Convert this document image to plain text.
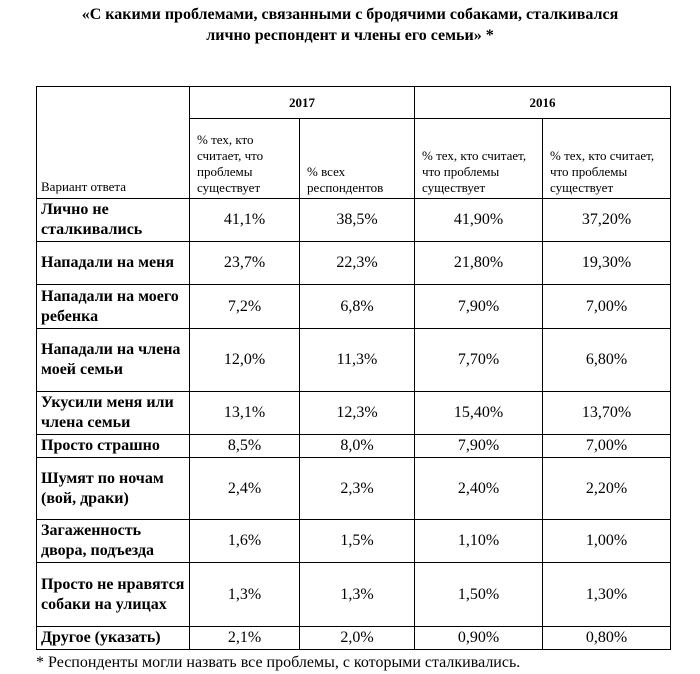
«С какими проблемами, связанными с бродячими собаками, сталкивался
лично респондент и члены его семьи» *
Вариант ответа	2017		2016	
	% тех, кто считает, что проблемы существует	% всех респондентов	% тех, кто считает, что проблемы существует	% тех, кто считает, что проблемы существует
Лично не сталкивались	41,1%	38,5%	41,90%	37,20%
Нападали на меня	23,7%	22,3%	21,80%	19,30%
Нападали на моего ребенка	7,2%	6,8%	7,90%	7,00%
Нападали на члена моей семьи	12,0%	11,3%	7,70%	6,80%
Укусили меня или члена семьи	13,1%	12,3%	15,40%	13,70%
Просто страшно	8,5%	8,0%	7,90%	7,00%
Шумят по ночам (вой, драки)	2,4%	2,3%	2,40%	2,20%
Загаженность двора, подъезда	1,6%	1,5%	1,10%	1,00%
Просто не нравятся собаки на улицах	1,3%	1,3%	1,50%	1,30%
Другое (указать)	2,1%	2,0%	0,90%	0,80%
* Респонденты могли назвать все проблемы, с которыми сталкивались.
